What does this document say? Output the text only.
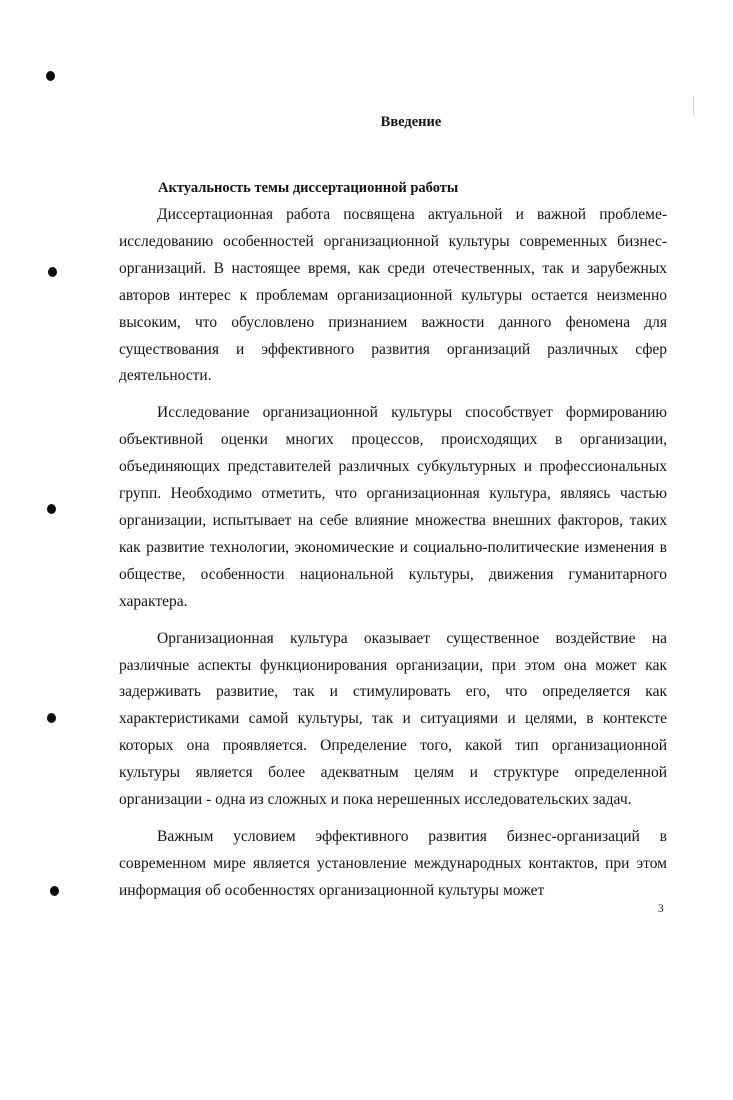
Введение
Актуальность темы диссертационной работы

Диссертационная работа посвящена актуальной и важной проблеме-исследованию особенностей организационной культуры современных бизнес-организаций. В настоящее время, как среди отечественных, так и зарубежных авторов интерес к проблемам организационной культуры остается неизменно высоким, что обусловлено признанием важности данного феномена для существования и эффективного развития организаций различных сфер деятельности.

Исследование организационной культуры способствует формированию объективной оценки многих процессов, происходящих в организации, объединяющих представителей различных субкультурных и профессиональных групп. Необходимо отметить, что организационная культура, являясь частью организации, испытывает на себе влияние множества внешних факторов, таких как развитие технологии, экономические и социально-политические изменения в обществе, особенности национальной культуры, движения гуманитарного характера.

Организационная культура оказывает существенное воздействие на различные аспекты функционирования организации, при этом она может как задерживать развитие, так и стимулировать его, что определяется как характеристиками самой культуры, так и ситуациями и целями, в контексте которых она проявляется. Определение того, какой тип организационной культуры является более адекватным целям и структуре определенной организации - одна из сложных и пока нерешенных исследовательских задач.

Важным условием эффективного развития бизнес-организаций в современном мире является установление международных контактов, при этом информация об особенностях организационной культуры может

3
